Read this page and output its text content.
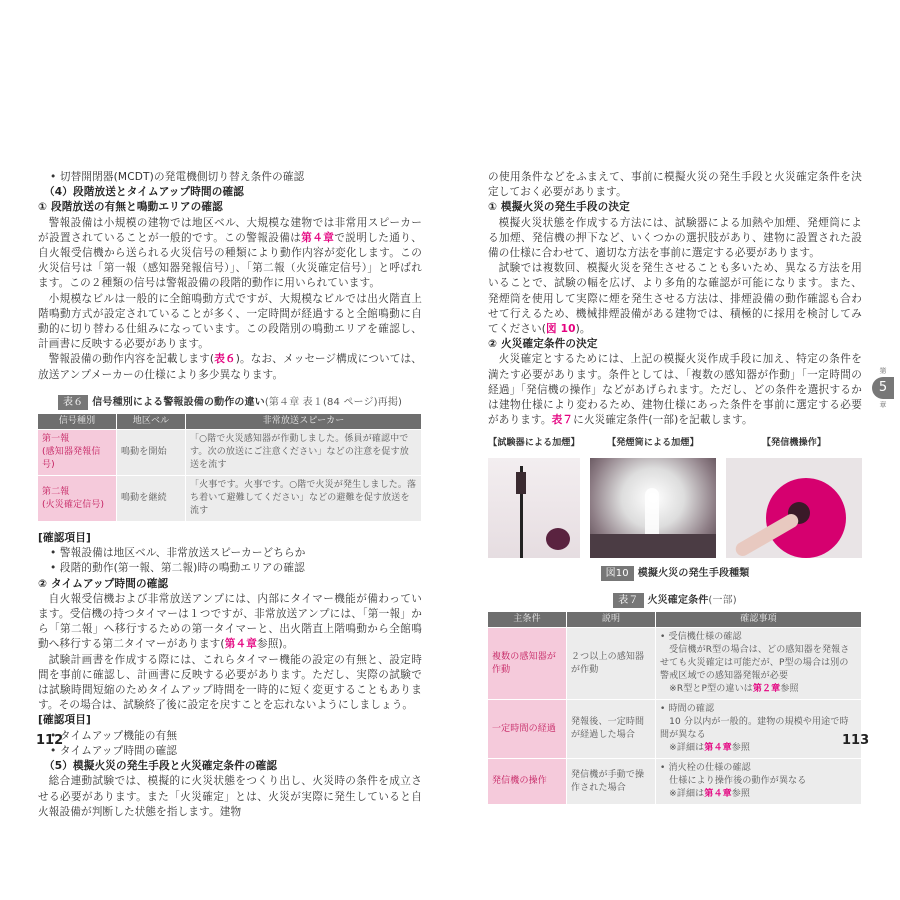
• 切替開閉器(MCDT)の発電機側切り替え条件の確認

（4）段階放送とタイムアップ時間の確認

① 段階放送の有無と鳴動エリアの確認

警報設備は小規模の建物では地区ベル、大規模な建物では非常用スピーカーが設置されていることが一般的です。この警報設備は第４章で説明した通り、自火報受信機から送られる火災信号の種類により動作内容が変化します。この火災信号は「第一報（感知器発報信号）」、「第二報（火災確定信号）」と呼ばれます。この２種類の信号は警報設備の段階的動作に用いられています。

小規模なビルは一般的に全館鳴動方式ですが、大規模なビルでは出火階直上階鳴動方式が設定されていることが多く、一定時間が経過すると全館鳴動に自動的に切り替わる仕組みになっています。この段階別の鳴動エリアを確認し、計画書に反映する必要があります。

警報設備の動作内容を記載します(表６)。なお、メッセージ構成については、放送アンプメーカーの仕様により多少異なります。

表６ 信号種別による警報設備の動作の違い(第４章 表１(84 ページ)再掲)
信号種別	地区ベル	非常放送スピーカー
第一報
(感知器発報信号)	鳴動を開始	「○階で火災感知器が作動しました。係員が確認中です。次の放送にご注意ください」などの注意を促す放送を流す
第二報
(火災確定信号)	鳴動を継続	「火事です。火事です。○階で火災が発生しました。落ち着いて避難してください」などの避難を促す放送を流す

[確認項目]

• 警報設備は地区ベル、非常放送スピーカーどちらか

• 段階的動作(第一報、第二報)時の鳴動エリアの確認

② タイムアップ時間の確認

自火報受信機および非常放送アンプには、内部にタイマー機能が備わっています。受信機の持つタイマーは１つですが、非常放送アンプには、「第一報」から「第二報」へ移行するための第一タイマーと、出火階直上階鳴動から全館鳴動へ移行する第二タイマーがあります(第４章参照)。

試験計画書を作成する際には、これらタイマー機能の設定の有無と、設定時間を事前に確認し、計画書に反映する必要があります。ただし、実際の試験では試験時間短縮のためタイムアップ時間を一時的に短く変更することもあります。その場合は、試験終了後に設定を戻すことを忘れないようにしましょう。

[確認項目]

• タイムアップ機能の有無

• タイムアップ時間の確認

（5）模擬火災の発生手段と火災確定条件の確認

総合連動試験では、模擬的に火災状態をつくり出し、火災時の条件を成立させる必要があります。また「火災確定」とは、火災が実際に発生していると自火報設備が判断した状態を指します。建物

112

の使用条件などをふまえて、事前に模擬火災の発生手段と火災確定条件を決定しておく必要があります。

① 模擬火災の発生手段の決定

模擬火災状態を作成する方法には、試験器による加熱や加煙、発煙筒による加煙、発信機の押下など、いくつかの選択肢があり、建物に設置された設備の仕様に合わせて、適切な方法を事前に選定する必要があります。

試験では複数回、模擬火災を発生させることも多いため、異なる方法を用いることで、試験の幅を広げ、より多角的な確認が可能になります。また、発煙筒を使用して実際に煙を発生させる方法は、排煙設備の動作確認も合わせて行えるため、機械排煙設備がある建物では、積極的に採用を検討してみてください(図 10)。

② 火災確定条件の決定

火災確定とするためには、上記の模擬火災作成手段に加え、特定の条件を満たす必要があります。条件としては、「複数の感知器が作動」「一定時間の経過」「発信機の操作」などがあげられます。ただし、どの条件を選択するかは建物仕様により変わるため、建物仕様にあった条件を事前に選定する必要があります。表７に火災確定条件(一部)を記載します。

【試験器による加煙】	【発煙筒による加煙】	【発信機操作】
図10 模擬火災の発生手段種類
表７ 火災確定条件(一部)
主条件	説明	確認事項
複数の感知器が作動	２つ以上の感知器が作動	• 受信機仕様の確認
　受信機がR型の場合は、どの感知器を発報させても火災確定は可能だが、P型の場合は別の警戒区域での感知器発報が必要
　※R型とP型の違いは第２章参照
一定時間の経過	発報後、一定時間が経過した場合	• 時間の確認
　10 分以内が一般的。建物の規模や用途で時間が異なる
　※詳細は第４章参照
発信機の操作	発信機が手動で操作された場合	• 消火栓の仕様の確認
　仕様により操作後の動作が異なる
　※詳細は第４章参照
113
第
5
章
